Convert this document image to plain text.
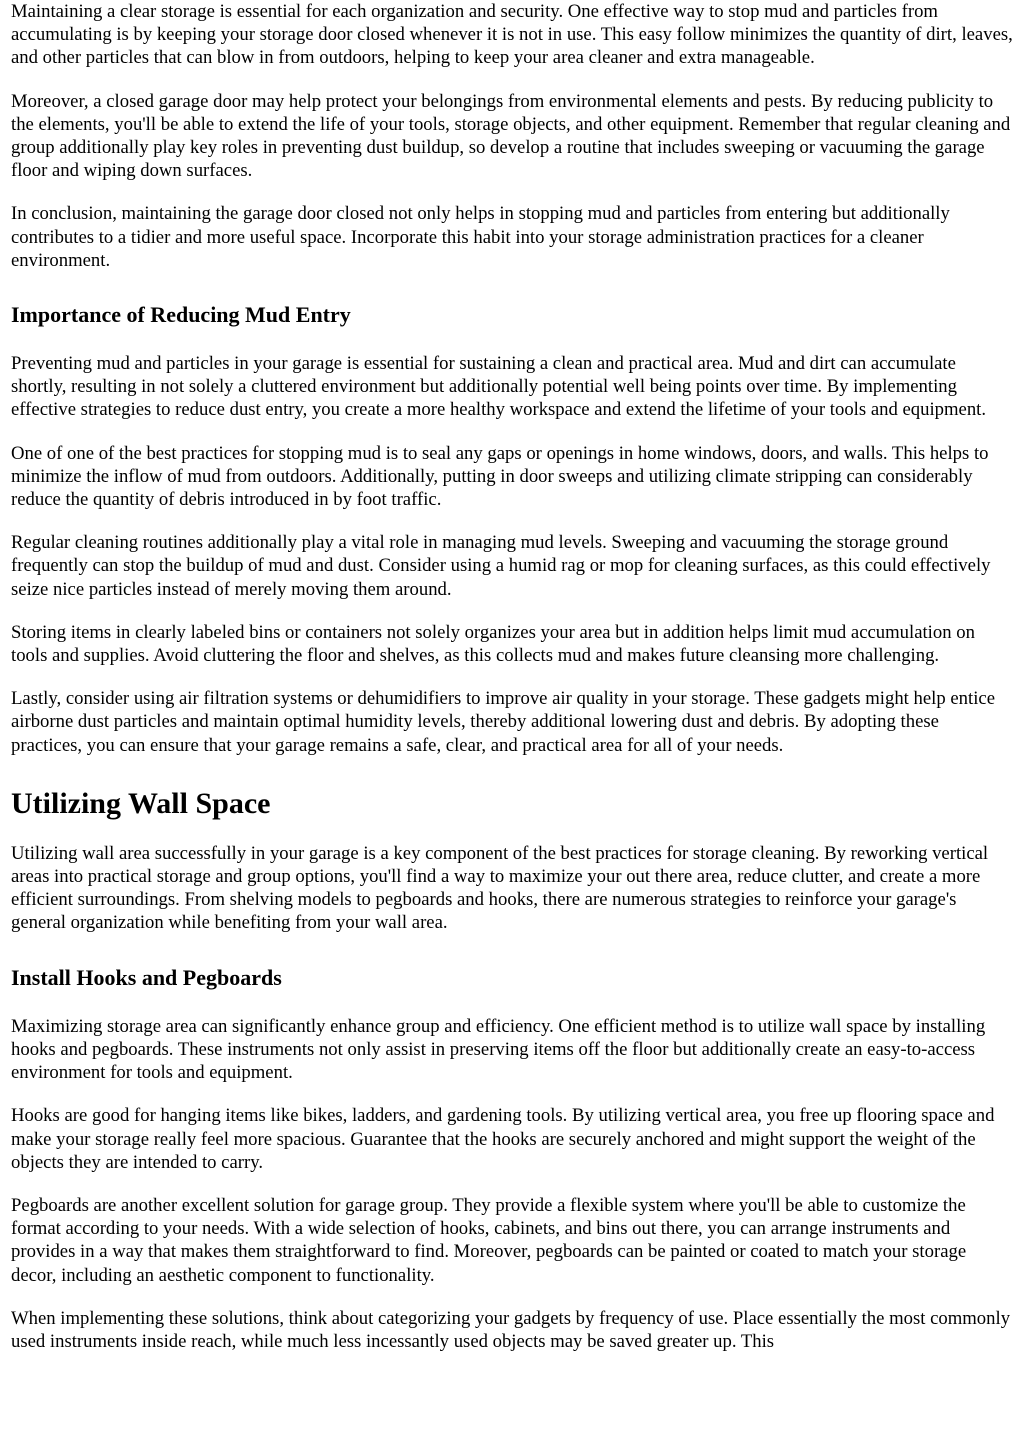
Maintaining a clear storage is essential for each organization and security. One effective way to stop mud and particles from accumulating is by keeping your storage door closed whenever it is not in use. This easy follow minimizes the quantity of dirt, leaves, and other particles that can blow in from outdoors, helping to keep your area cleaner and extra manageable.

Moreover, a closed garage door may help protect your belongings from environmental elements and pests. By reducing publicity to the elements, you'll be able to extend the life of your tools, storage objects, and other equipment. Remember that regular cleaning and group additionally play key roles in preventing dust buildup, so develop a routine that includes sweeping or vacuuming the garage floor and wiping down surfaces.

In conclusion, maintaining the garage door closed not only helps in stopping mud and particles from entering but additionally contributes to a tidier and more useful space. Incorporate this habit into your storage administration practices for a cleaner environment.

Importance of Reducing Mud Entry

Preventing mud and particles in your garage is essential for sustaining a clean and practical area. Mud and dirt can accumulate shortly, resulting in not solely a cluttered environment but additionally potential well being points over time. By implementing effective strategies to reduce dust entry, you create a more healthy workspace and extend the lifetime of your tools and equipment.

One of one of the best practices for stopping mud is to seal any gaps or openings in home windows, doors, and walls. This helps to minimize the inflow of mud from outdoors. Additionally, putting in door sweeps and utilizing climate stripping can considerably reduce the quantity of debris introduced in by foot traffic.

Regular cleaning routines additionally play a vital role in managing mud levels. Sweeping and vacuuming the storage ground frequently can stop the buildup of mud and dust. Consider using a humid rag or mop for cleaning surfaces, as this could effectively seize nice particles instead of merely moving them around.

Storing items in clearly labeled bins or containers not solely organizes your area but in addition helps limit mud accumulation on tools and supplies. Avoid cluttering the floor and shelves, as this collects mud and makes future cleansing more challenging.

Lastly, consider using air filtration systems or dehumidifiers to improve air quality in your storage. These gadgets might help entice airborne dust particles and maintain optimal humidity levels, thereby additional lowering dust and debris. By adopting these practices, you can ensure that your garage remains a safe, clear, and practical area for all of your needs.

Utilizing Wall Space

Utilizing wall area successfully in your garage is a key component of the best practices for storage cleaning. By reworking vertical areas into practical storage and group options, you'll find a way to maximize your out there area, reduce clutter, and create a more efficient surroundings. From shelving models to pegboards and hooks, there are numerous strategies to reinforce your garage's general organization while benefiting from your wall area.

Install Hooks and Pegboards

Maximizing storage area can significantly enhance group and efficiency. One efficient method is to utilize wall space by installing hooks and pegboards. These instruments not only assist in preserving items off the floor but additionally create an easy-to-access environment for tools and equipment.

Hooks are good for hanging items like bikes, ladders, and gardening tools. By utilizing vertical area, you free up flooring space and make your storage really feel more spacious. Guarantee that the hooks are securely anchored and might support the weight of the objects they are intended to carry.

Pegboards are another excellent solution for garage group. They provide a flexible system where you'll be able to customize the format according to your needs. With a wide selection of hooks, cabinets, and bins out there, you can arrange instruments and provides in a way that makes them straightforward to find. Moreover, pegboards can be painted or coated to match your storage decor, including an aesthetic component to functionality.

When implementing these solutions, think about categorizing your gadgets by frequency of use. Place essentially the most commonly used instruments inside reach, while much less incessantly used objects may be saved greater up. This
